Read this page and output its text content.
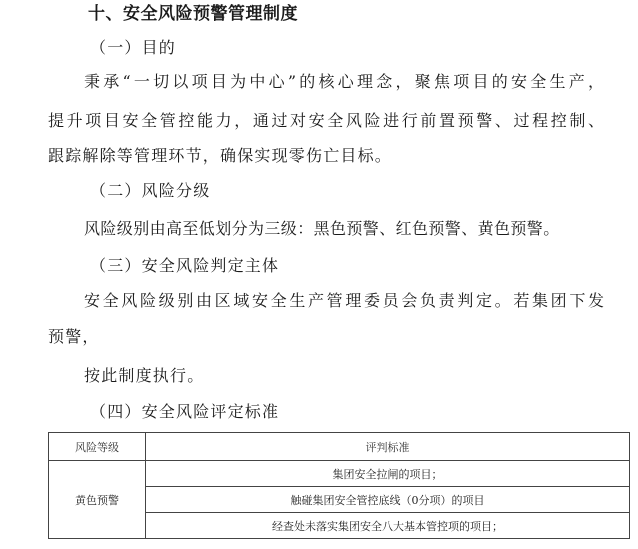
十、安全风险预警管理制度
（一）目的
秉承“一切以项目为中心”的核心理念，聚焦项目的安全生产，
提升项目安全管控能力，通过对安全风险进行前置预警、过程控制、
跟踪解除等管理环节，确保实现零伤亡目标。
（二）风险分级
风险级别由高至低划分为三级：黑色预警、红色预警、黄色预警。
（三）安全风险判定主体
安全风险级别由区域安全生产管理委员会负责判定。若集团下发
预警，
按此制度执行。
（四）安全风险评定标准
风险等级	评判标准
黄色预警	集团安全拉闸的项目；
	触碰集团安全管控底线（0分项）的项目
	经查处未落实集团安全八大基本管控项的项目；
